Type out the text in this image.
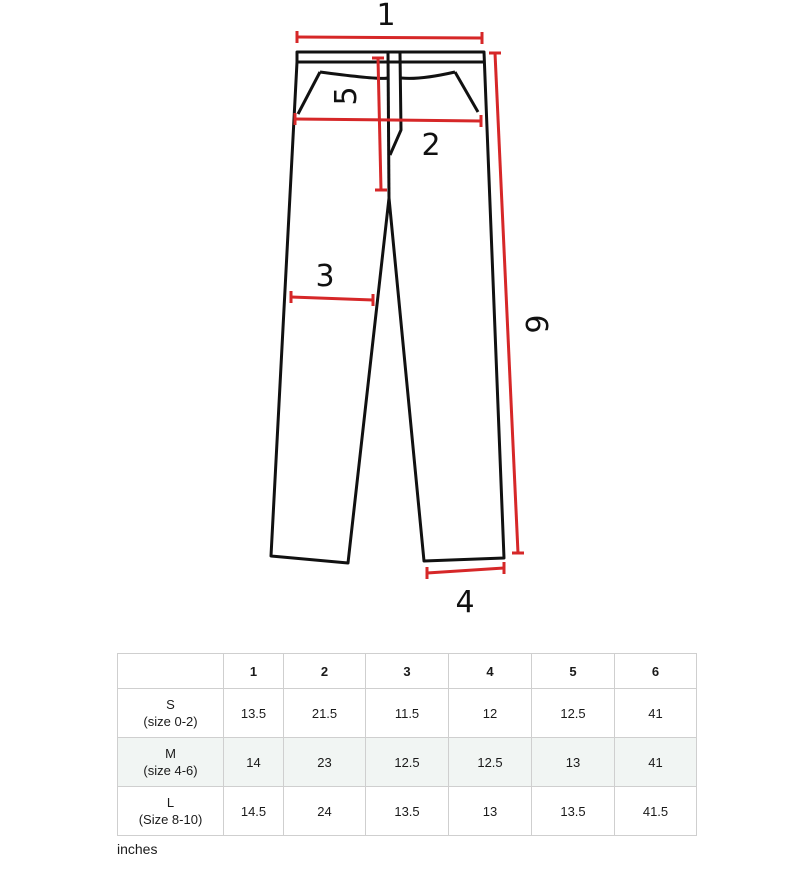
1
2
3
4
5
6
	1	2	3	4	5	6
S
(size 0-2)	13.5	21.5	11.5	12	12.5	41
M
(size 4-6)	14	23	12.5	12.5	13	41
L
(Size 8-10)	14.5	24	13.5	13	13.5	41.5
inches
